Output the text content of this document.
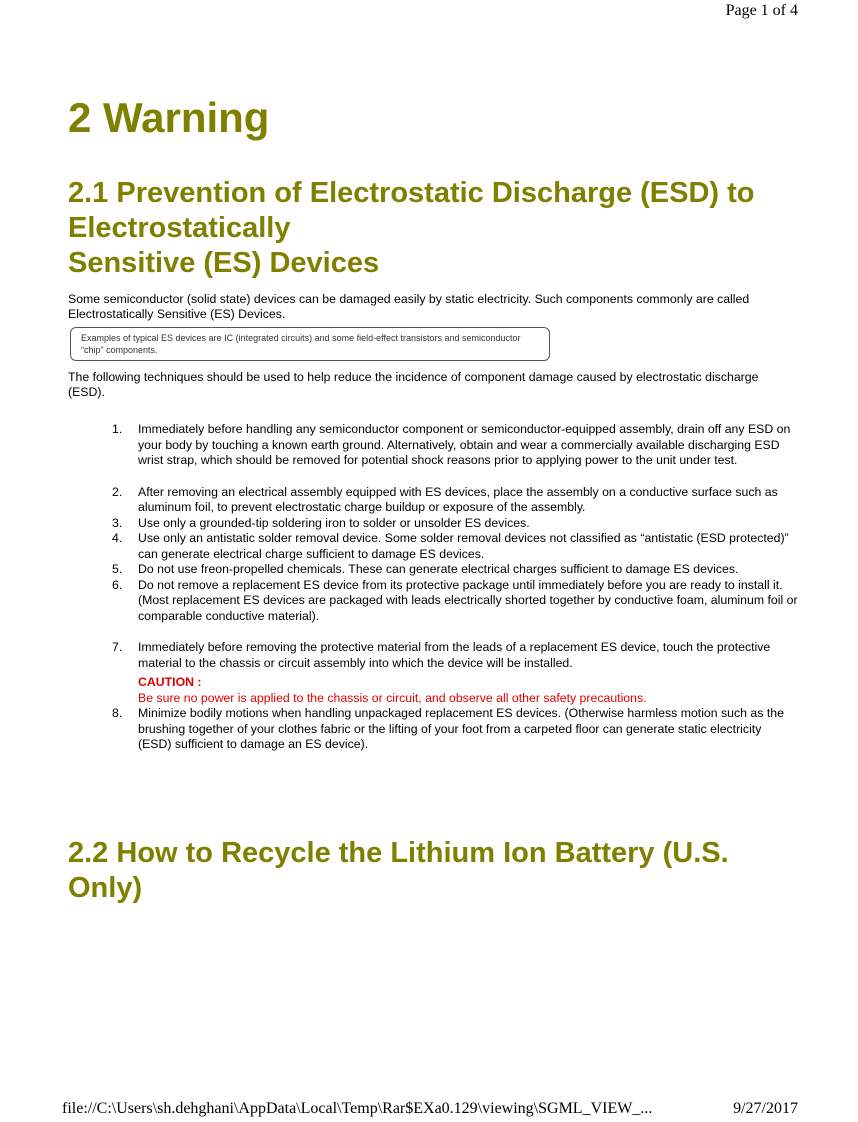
Page 1 of 4
2 Warning
2.1 Prevention of Electrostatic Discharge (ESD) to
Electrostatically
Sensitive (ES) Devices

Some semiconductor (solid state) devices can be damaged easily by static electricity. Such components commonly are called Electrostatically Sensitive (ES) Devices.

Examples of typical ES devices are IC (integrated circuits) and some field-effect transistors and semiconductor “chip” components.

The following techniques should be used to help reduce the incidence of component damage caused by electrostatic discharge (ESD).

1. Immediately before handling any semiconductor component or semiconductor-equipped assembly, drain off any ESD on your body by touching a known earth ground. Alternatively, obtain and wear a commercially available discharging ESD wrist strap, which should be removed for potential shock reasons prior to applying power to the unit under test.
2. After removing an electrical assembly equipped with ES devices, place the assembly on a conductive surface such as aluminum foil, to prevent electrostatic charge buildup or exposure of the assembly.
3. Use only a grounded-tip soldering iron to solder or unsolder ES devices.
4. Use only an antistatic solder removal device. Some solder removal devices not classified as “antistatic (ESD protected)” can generate electrical charge sufficient to damage ES devices.
5. Do not use freon-propelled chemicals. These can generate electrical charges sufficient to damage ES devices.
6. Do not remove a replacement ES device from its protective package until immediately before you are ready to install it. (Most replacement ES devices are packaged with leads electrically shorted together by conductive foam, aluminum foil or comparable conductive material).
7. Immediately before removing the protective material from the leads of a replacement ES device, touch the protective material to the chassis or circuit assembly into which the device will be installed.
CAUTION :
Be sure no power is applied to the chassis or circuit, and observe all other safety precautions.
8. Minimize bodily motions when handling unpackaged replacement ES devices. (Otherwise harmless motion such as the brushing together of your clothes fabric or the lifting of your foot from a carpeted floor can generate static electricity (ESD) sufficient to damage an ES device).
2.2 How to Recycle the Lithium Ion Battery (U.S.
Only)
file://C:\Users\sh.dehghani\AppData\Local\Temp\Rar$EXa0.129\viewing\SGML_VIEW_...	9/27/2017
